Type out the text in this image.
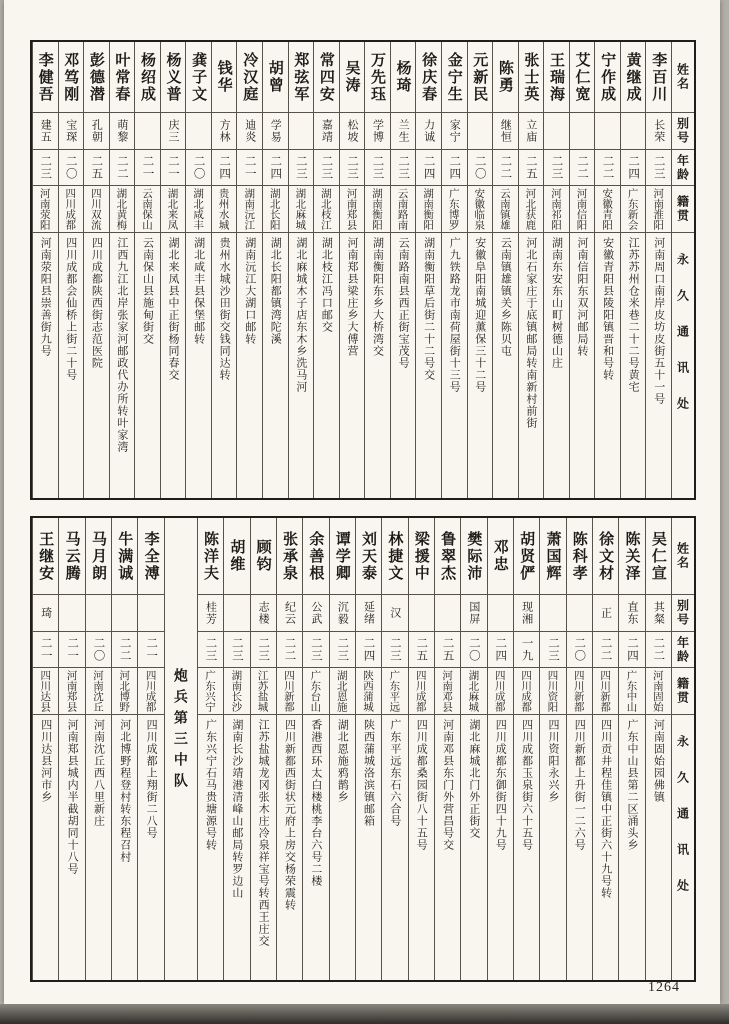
姓名
别号
年龄
籍贯
永久通讯处
李百川
长荣
二三
河南淮阳
河南周口南岸皮坊皮街五十一号
黄继成
二四
广东新会
江苏苏州仓米巷二十二号黄宅
宁作成
二二
安徽青阳
安徽青阳县陵阳镇晋和号转
艾仁宽
二二
河南信阳
河南信阳东双河邮局转
王瑞海
二三
河南祁阳
湖南东安东山町树德山庄
张士英
立庙
二五
河北获鹿
河北石家庄于底镇邮局转南新村前街
陈勇
继恒
二二
云南镇雄
云南镇雄镇关乡陈贝屯
元新民
二〇
安徽临泉
安徽阜阳南城迎薰保三十二号
金宁生
家宁
二四
广东博罗
广九铁路龙市南荷屋街十三号
徐庆春
力诚
二四
湖南衡阳
湖南衡阳草后街二十二号交
杨琦
兰生
二三
云南路南
云南路南县西正街宝茂号
万先珏
学博
二三
湖南衡阳
湖南衡阳东乡大桥湾交
吴涛
松坡
二三
河南郑县
河南郑县梁庄乡大傅营
常四安
嘉靖
二三
湖北枝江
湖北枝江冯口邮交
郑弦军
二三
湖北麻城
湖北麻城木子店东木乡洗马河
胡曾
学易
二四
湖北长阳
湖北长阳都镇湾陀溪
冷汉庭
迪炎
二一
湖南沅江
湖南沅江大湖口邮转
钱华
方林
二四
贵州水城
贵州水城沙田街交钱同达转
龚子文
二〇
湖北咸丰
湖北咸丰县保堡邮转
杨义普
庆三
二一
湖北来凤
湖北来凤县中正街杨同春交
杨绍成
二一
云南保山
云南保山县施甸街交
叶常春
萌黎
二二
湖北黄梅
江西九江北岸张家河邮政代办所转叶家湾
彭德潜
孔朝
二五
四川双流
四川成都陕西街志范医院
邓笃刚
宝琛
二〇
四川成都
四川成都会仙桥上街二十号
李健吾
建五
二三
河南荥阳
河南荥阳县崇善街九号
姓名
别号
年龄
籍贯
永久通讯处
吴仁宣
其粲
二二
河南固始
河南固始园佛镇
陈关泽
直东
二四
广东中山
广东中山县第二区涌头乡
徐文材
正
二二
四川新都
四川贡井程佳镇中正街六十九号转
陈科孝
二〇
四川新都
四川新都上升街一二六号
萧国辉
二三
四川资阳
四川资阳永兴乡
胡贤俨
现湘
一九
四川成都
四川成都玉泉街六十五号
邓忠
二四
四川成都
四川成都东御街四十九号
樊际沛
国屏
二〇
湖北麻城
湖北麻城北门外正街交
鲁翠杰
二五
河南邓县
河南邓县东门外营昌号交
梁援中
二五
四川成都
四川成都桑园街八十五号
林捷文
汉
二三
广东平远
广东平远东石六合号
刘天泰
延绪
二四
陕西蒲城
陕西蒲城洛滨镇邮箱
谭学卿
沉毅
二三
湖北恩施
湖北恩施鸦鹊乡
余善根
公武
二三
广东台山
香港西环太白楼桃李台六号二楼
张承泉
纪云
二二
四川新都
四川新都西街状元府上房交杨荣震转
顾钧
志楼
二三
江苏盐城
江苏盐城龙冈张木庄冷泉祥宝号转西王庄交
胡维
二三
湖南长沙
湖南长沙靖港清峰山邮局转罗边山
陈洋夫
桂芳
二三
广东兴宁
广东兴宁石马贵塘源号转
炮兵第三中队
李全溥
二一
四川成都
四川成都上翔街二八号
牛满诚
二二
河北博野
河北博野程登村转东程召村
马月朗
二〇
河南沈丘
河南沈丘西八里新庄
马云腾
二一
河南郑县
河南郑县城内半截胡同十八号
王继安
琦
二一
四川达县
四川达县河市乡
1264
